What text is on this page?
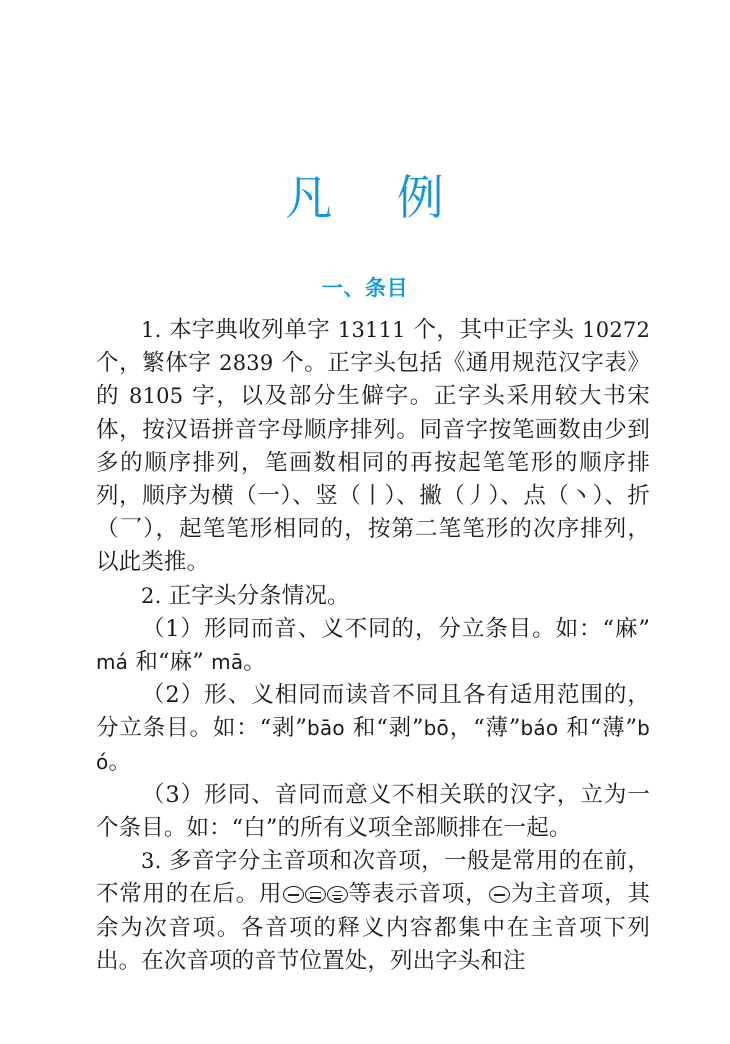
凡    例
一、条目

1. 本字典收列单字 13111 个，其中正字头 10272 个，繁体字 2839 个。正字头包括《通用规范汉字表》的 8105 字，以及部分生僻字。正字头采用较大书宋体，按汉语拼音字母顺序排列。同音字按笔画数由少到多的顺序排列，笔画数相同的再按起笔笔形的顺序排列，顺序为横（一）、竖（丨）、撇（丿）、点（丶）、折（乛），起笔笔形相同的，按第二笔笔形的次序排列，以此类推。

2. 正字头分条情况。

（1）形同而音、义不同的，分立条目。如：“麻” má 和“麻” mā。

（2）形、义相同而读音不同且各有适用范围的，分立条目。如：“剥”bāo 和“剥”bō，“薄”báo 和“薄”bó。

（3）形同、音同而意义不相关联的汉字，立为一个条目。如：“白”的所有义项全部顺排在一起。

3. 多音字分主音项和次音项，一般是常用的在前，不常用的在后。用	等表示音项， 为主音项，其余为次音项。各音项的释义内容都集中在主音项下列出。在次音项的音节位置处，列出字头和注
